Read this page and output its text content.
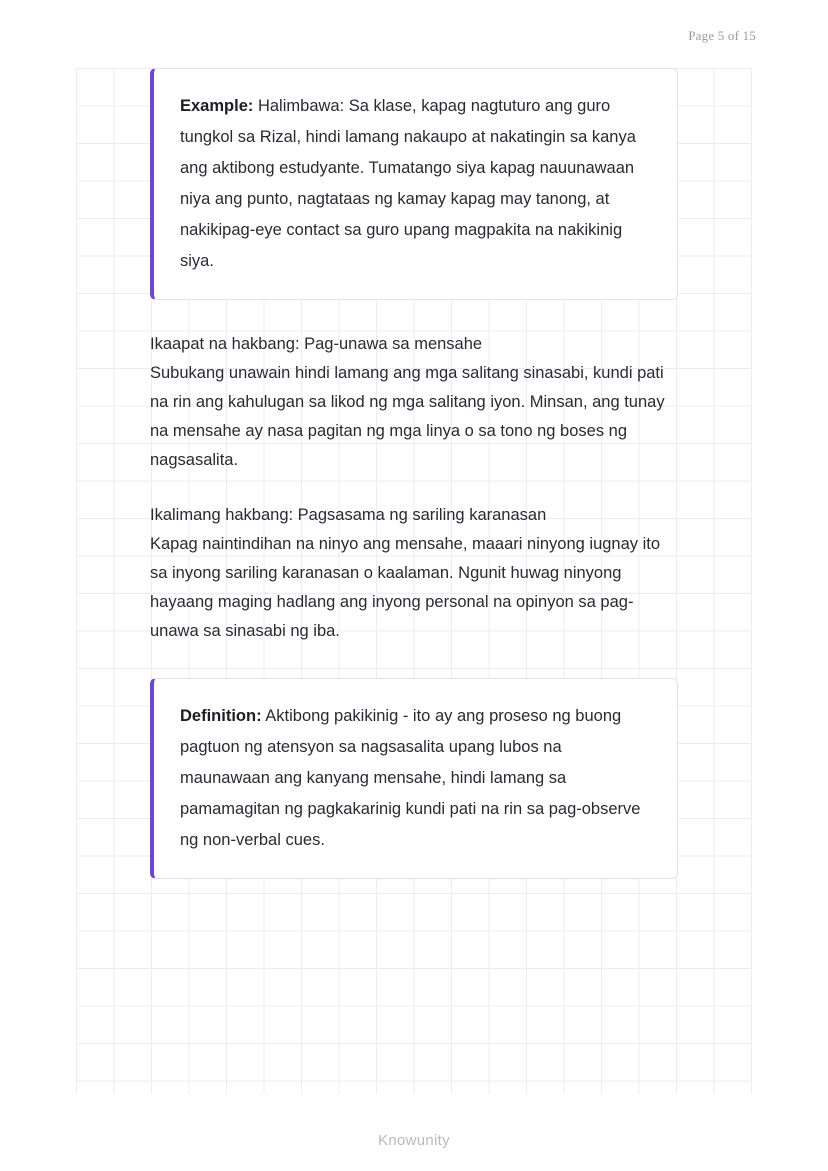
Page 5 of 15

Example: Halimbawa: Sa klase, kapag nagtuturo ang guro tungkol sa Rizal, hindi lamang nakaupo at nakatingin sa kanya ang aktibong estudyante. Tumatango siya kapag nauunawaan niya ang punto, nagtataas ng kamay kapag may tanong, at nakikipag-eye contact sa guro upang magpakita na nakikinig siya.

Ikaapat na hakbang: Pag-unawa sa mensahe
Subukang unawain hindi lamang ang mga salitang sinasabi, kundi pati na rin ang kahulugan sa likod ng mga salitang iyon. Minsan, ang tunay na mensahe ay nasa pagitan ng mga linya o sa tono ng boses ng nagsasalita.
Ikalimang hakbang: Pagsasama ng sariling karanasan
Kapag naintindihan na ninyo ang mensahe, maaari ninyong iugnay ito sa inyong sariling karanasan o kaalaman. Ngunit huwag ninyong hayaang maging hadlang ang inyong personal na opinyon sa pag-unawa sa sinasabi ng iba.

Definition: Aktibong pakikinig - ito ay ang proseso ng buong pagtuon ng atensyon sa nagsasalita upang lubos na maunawaan ang kanyang mensahe, hindi lamang sa pamamagitan ng pagkakarinig kundi pati na rin sa pag-observe ng non-verbal cues.

Knowunity
